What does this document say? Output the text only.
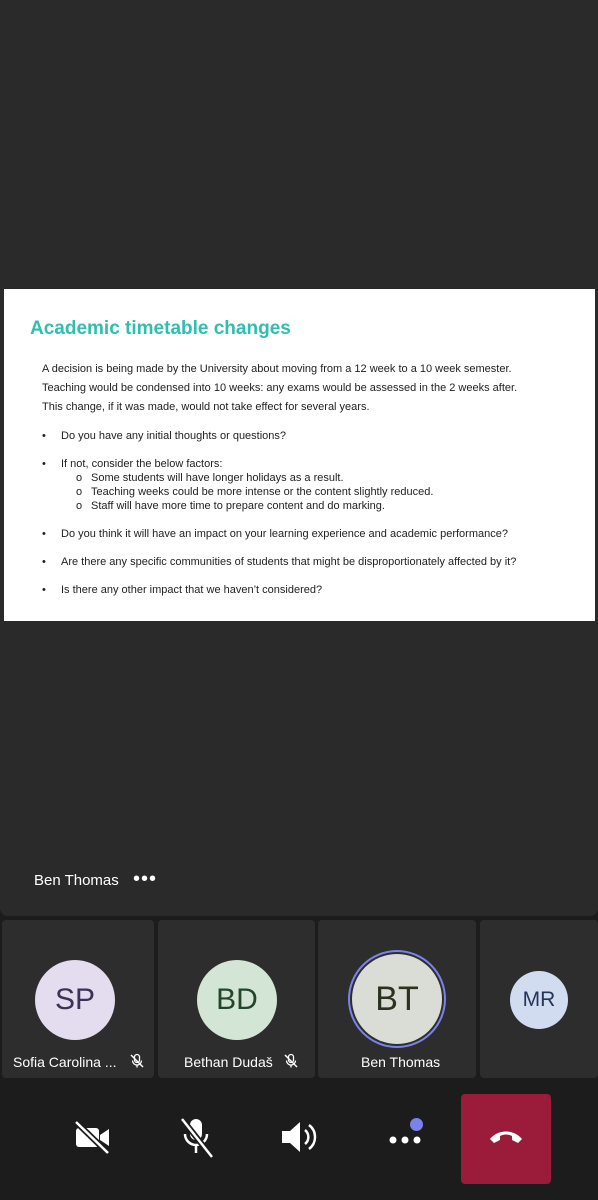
Academic timetable changes

A decision is being made by the University about moving from a 12 week to a 10 week semester.

Teaching would be condensed into 10 weeks: any exams would be assessed in the 2 weeks after.

This change, if it was made, would not take effect for several years.

•	Do you have any initial thoughts or questions?
•	If not, consider the below factors:
o Some students will have longer holidays as a result.
o Teaching weeks could be more intense or the content slightly reduced.
o Staff will have more time to prepare content and do marking.
•	Do you think it will have an impact on your learning experience and academic performance?
•	Are there any specific communities of students that might be disproportionately affected by it?
•	Is there any other impact that we haven’t considered?
Ben Thomas •••
SP
Sofia Carolina ...
BD
Bethan Dudaš
BT
Ben Thomas
MR
